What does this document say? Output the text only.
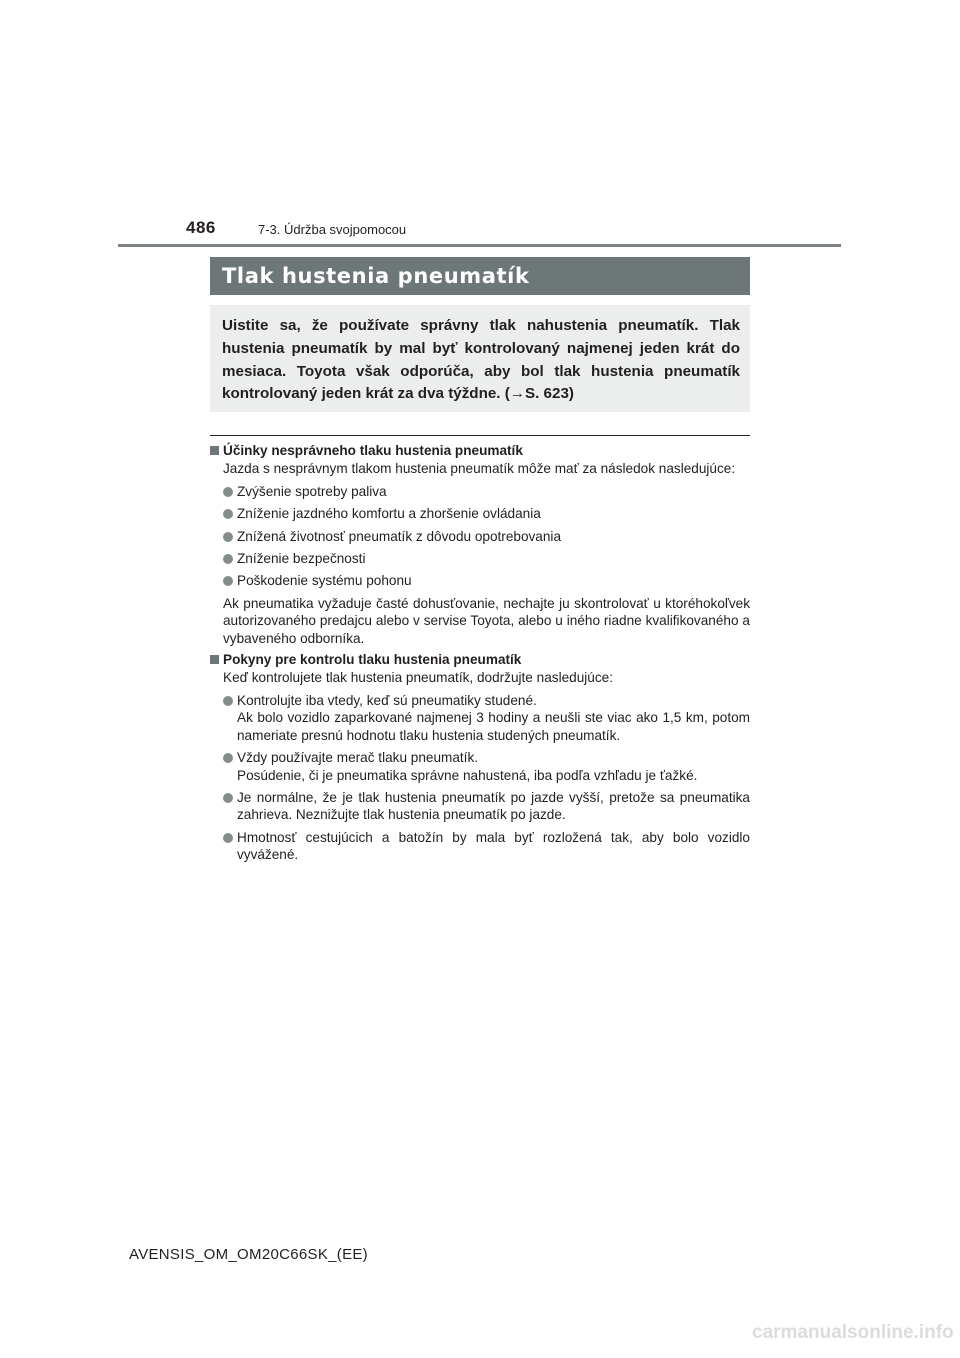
486	7-3. Údržba svojpomocou
Tlak hustenia pneumatík

Uistite sa, že používate správny tlak nahustenia pneumatík. Tlak hustenia pneumatík by mal byť kontrolovaný najmenej jeden krát do mesiaca. Toyota však odporúča, aby bol tlak hustenia pneumatík kontrolovaný jeden krát za dva týždne. (→S. 623)

Účinky nesprávneho tlaku hustenia pneumatík

Jazda s nesprávnym tlakom hustenia pneumatík môže mať za následok nasledujúce:

Zvýšenie spotreby paliva
Zníženie jazdného komfortu a zhoršenie ovládania
Znížená životnosť pneumatík z dôvodu opotrebovania
Zníženie bezpečnosti
Poškodenie systému pohonu

Ak pneumatika vyžaduje časté dohusťovanie, nechajte ju skontrolovať u ktoréhokoľvek autorizovaného predajcu alebo v servise Toyota, alebo u iného riadne kvalifikovaného a vybaveného odborníka.

Pokyny pre kontrolu tlaku hustenia pneumatík

Keď kontrolujete tlak hustenia pneumatík, dodržujte nasledujúce:

Kontrolujte iba vtedy, keď sú pneumatiky studené.
Ak bolo vozidlo zaparkované najmenej 3 hodiny a neušli ste viac ako 1,5 km, potom nameriate presnú hodnotu tlaku hustenia studených pneumatík.
Vždy používajte merač tlaku pneumatík.
Posúdenie, či je pneumatika správne nahustená, iba podľa vzhľadu je ťažké.
Je normálne, že je tlak hustenia pneumatík po jazde vyšší, pretože sa pneumatika zahrieva. Neznižujte tlak hustenia pneumatík po jazde.
Hmotnosť cestujúcich a batožín by mala byť rozložená tak, aby bolo vozidlo vyvážené.
AVENSIS_OM_OM20C66SK_(EE)
carmanualsonline.info
